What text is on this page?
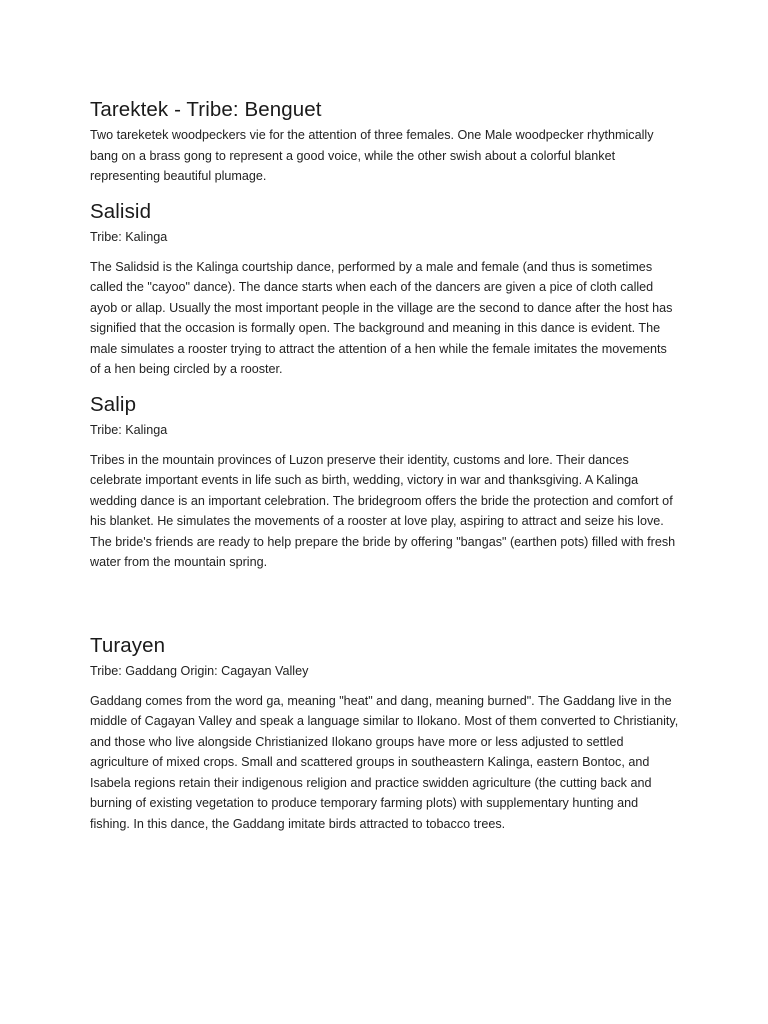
Tarektek - Tribe: Benguet

Two tareketek woodpeckers vie for the attention of three females. One Male woodpecker rhythmically bang on a brass gong to represent a good voice, while the other swish about a colorful blanket representing beautiful plumage.

Salisid

Tribe: Kalinga

The Salidsid is the Kalinga courtship dance, performed by a male and female (and thus is sometimes called the "cayoo" dance). The dance starts when each of the dancers are given a pice of cloth called ayob or allap. Usually the most important people in the village are the second to dance after the host has signified that the occasion is formally open. The background and meaning in this dance is evident. The male simulates a rooster trying to attract the attention of a hen while the female imitates the movements of a hen being circled by a rooster.

Salip

Tribe: Kalinga

Tribes in the mountain provinces of Luzon preserve their identity, customs and lore. Their dances celebrate important events in life such as birth, wedding, victory in war and thanksgiving. A Kalinga wedding dance is an important celebration. The bridegroom offers the bride the protection and comfort of his blanket. He simulates the movements of a rooster at love play, aspiring to attract and seize his love. The bride's friends are ready to help prepare the bride by offering "bangas" (earthen pots) filled with fresh water from the mountain spring.

Turayen

Tribe: Gaddang Origin: Cagayan Valley

Gaddang comes from the word ga, meaning "heat" and dang, meaning burned". The Gaddang live in the middle of Cagayan Valley and speak a language similar to Ilokano. Most of them converted to Christianity, and those who live alongside Christianized Ilokano groups have more or less adjusted to settled agriculture of mixed crops. Small and scattered groups in southeastern Kalinga, eastern Bontoc, and Isabela regions retain their indigenous religion and practice swidden agriculture (the cutting back and burning of existing vegetation to produce temporary farming plots) with supplementary hunting and fishing. In this dance, the Gaddang imitate birds attracted to tobacco trees.
